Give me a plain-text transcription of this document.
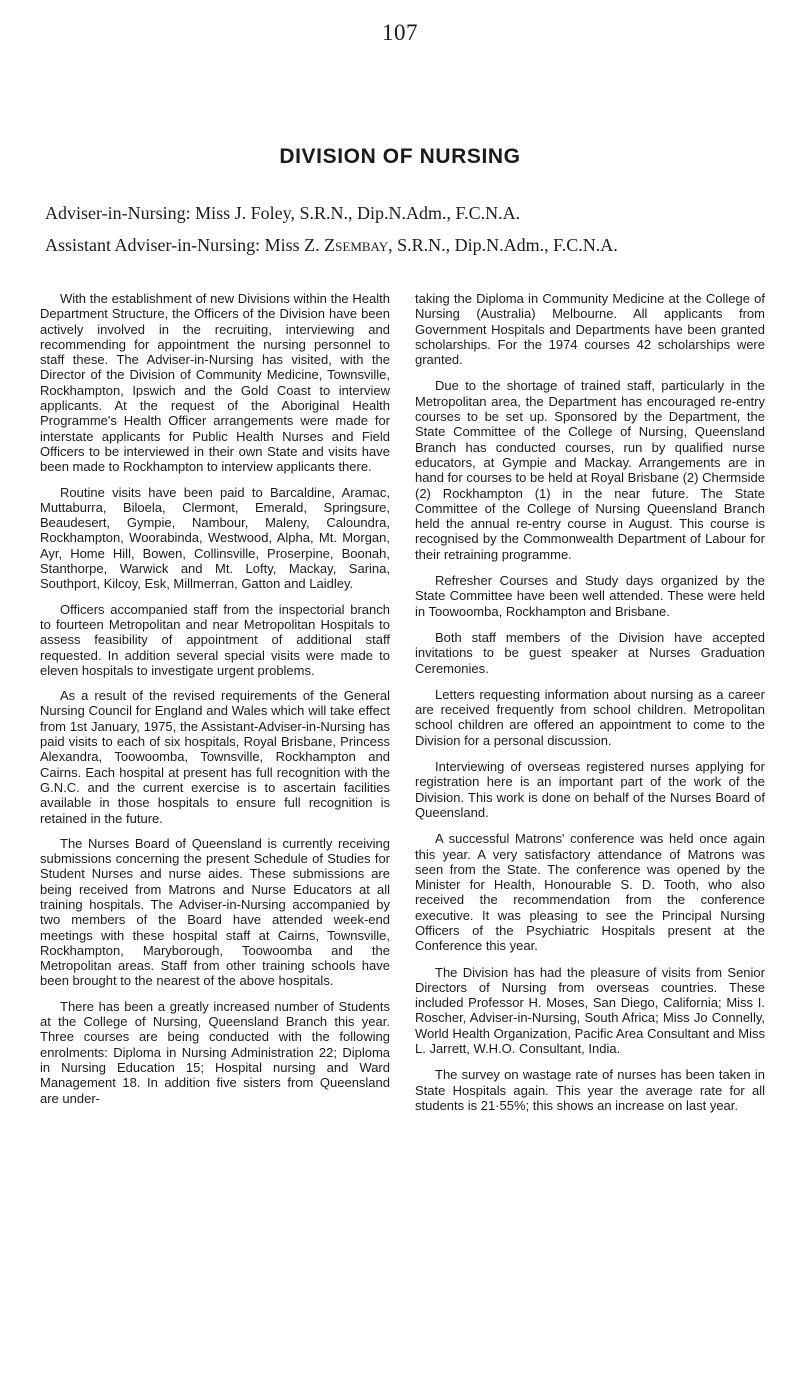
107
DIVISION OF NURSING
Adviser-in-Nursing: Miss J. Foley, S.R.N., Dip.N.Adm., F.C.N.A.
Assistant Adviser-in-Nursing: Miss Z. Zsembay, S.R.N., Dip.N.Adm., F.C.N.A.

With the establishment of new Divisions within the Health Department Structure, the Officers of the Division have been actively involved in the recruiting, interviewing and recommending for appointment the nursing personnel to staff these. The Adviser-in-Nursing has visited, with the Director of the Division of Community Medicine, Townsville, Rockhampton, Ipswich and the Gold Coast to interview applicants. At the request of the Aboriginal Health Programme's Health Officer arrangements were made for interstate applicants for Public Health Nurses and Field Officers to be interviewed in their own State and visits have been made to Rockhampton to interview applicants there.

Routine visits have been paid to Barcaldine, Aramac, Muttaburra, Biloela, Clermont, Emerald, Springsure, Beaudesert, Gympie, Nambour, Maleny, Caloundra, Rockhampton, Woorabinda, Westwood, Alpha, Mt. Morgan, Ayr, Home Hill, Bowen, Collinsville, Proserpine, Boonah, Stanthorpe, Warwick and Mt. Lofty, Mackay, Sarina, Southport, Kilcoy, Esk, Millmerran, Gatton and Laidley.

Officers accompanied staff from the inspectorial branch to fourteen Metropolitan and near Metropolitan Hospitals to assess feasibility of appointment of additional staff requested. In addition several special visits were made to eleven hospitals to investigate urgent problems.

As a result of the revised requirements of the General Nursing Council for England and Wales which will take effect from 1st January, 1975, the Assistant-Adviser-in-Nursing has paid visits to each of six hospitals, Royal Brisbane, Princess Alexandra, Toowoomba, Townsville, Rockhampton and Cairns. Each hospital at present has full recognition with the G.N.C. and the current exercise is to ascertain facilities available in those hospitals to ensure full recognition is retained in the future.

The Nurses Board of Queensland is currently receiving submissions concerning the present Schedule of Studies for Student Nurses and nurse aides. These submissions are being received from Matrons and Nurse Educators at all training hospitals. The Adviser-in-Nursing accompanied by two members of the Board have attended week-end meetings with these hospital staff at Cairns, Townsville, Rockhampton, Maryborough, Toowoomba and the Metropolitan areas. Staff from other training schools have been brought to the nearest of the above hospitals.

There has been a greatly increased number of Students at the College of Nursing, Queensland Branch this year. Three courses are being conducted with the following enrolments: Diploma in Nursing Administration 22; Diploma in Nursing Education 15; Hospital nursing and Ward Management 18. In addition five sisters from Queensland are under-

taking the Diploma in Community Medicine at the College of Nursing (Australia) Melbourne. All applicants from Government Hospitals and Departments have been granted scholarships. For the 1974 courses 42 scholarships were granted.

Due to the shortage of trained staff, particularly in the Metropolitan area, the Department has encouraged re-entry courses to be set up. Sponsored by the Department, the State Committee of the College of Nursing, Queensland Branch has conducted courses, run by qualified nurse educators, at Gympie and Mackay. Arrangements are in hand for courses to be held at Royal Brisbane (2) Chermside (2) Rockhampton (1) in the near future. The State Committee of the College of Nursing Queensland Branch held the annual re-entry course in August. This course is recognised by the Commonwealth Department of Labour for their retraining programme.

Refresher Courses and Study days organized by the State Committee have been well attended. These were held in Toowoomba, Rockhampton and Brisbane.

Both staff members of the Division have accepted invitations to be guest speaker at Nurses Graduation Ceremonies.

Letters requesting information about nursing as a career are received frequently from school children. Metropolitan school children are offered an appointment to come to the Division for a personal discussion.

Interviewing of overseas registered nurses applying for registration here is an important part of the work of the Division. This work is done on behalf of the Nurses Board of Queensland.

A successful Matrons' conference was held once again this year. A very satisfactory attendance of Matrons was seen from the State. The conference was opened by the Minister for Health, Honourable S. D. Tooth, who also received the recommendation from the conference executive. It was pleasing to see the Principal Nursing Officers of the Psychiatric Hospitals present at the Conference this year.

The Division has had the pleasure of visits from Senior Directors of Nursing from overseas countries. These included Professor H. Moses, San Diego, California; Miss I. Roscher, Adviser-in-Nursing, South Africa; Miss Jo Connelly, World Health Organization, Pacific Area Consultant and Miss L. Jarrett, W.H.O. Consultant, India.

The survey on wastage rate of nurses has been taken in State Hospitals again. This year the average rate for all students is 21·55%; this shows an increase on last year.
